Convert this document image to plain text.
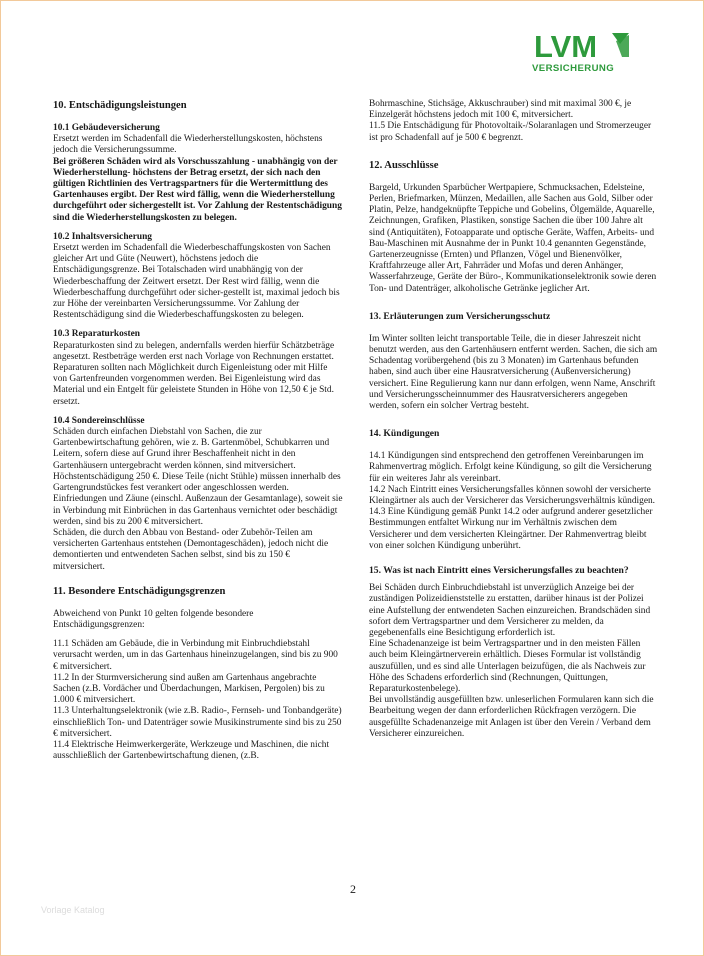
LVM
VERSICHERUNG
10. Entschädigungsleistungen
10.1 Gebäudeversicherung
Ersetzt werden im Schadenfall die Wiederherstellungskosten, höchstens jedoch die Versicherungssumme.
Bei größeren Schäden wird als Vorschusszahlung - unabhängig von der Wiederherstellung- höchstens der Betrag ersetzt, der sich nach den gültigen Richtlinien des Vertragspartners für die Wertermittlung des Gartenhauses ergibt. Der Rest wird fällig, wenn die Wiederherstellung durchgeführt oder sichergestellt ist. Vor Zahlung der Restentschädigung sind die Wiederherstellungskosten zu belegen.
10.2 Inhaltsversicherung
Ersetzt werden im Schadenfall die Wiederbeschaffungskosten von Sachen gleicher Art und Güte (Neuwert), höchstens jedoch die Entschädigungsgrenze. Bei Totalschaden wird unabhängig von der Wiederbeschaffung der Zeitwert ersetzt. Der Rest wird fällig, wenn die Wiederbeschaffung durchgeführt oder sicher-gestellt ist, maximal jedoch bis zur Höhe der vereinbarten Versicherungssumme. Vor Zahlung der Restentschädigung sind die Wiederbeschaffungskosten zu belegen.
10.3 Reparaturkosten
Reparaturkosten sind zu belegen, andernfalls werden hierfür Schätzbeträge angesetzt. Restbeträge werden erst nach Vorlage von Rechnungen erstattet.
Reparaturen sollten nach Möglichkeit durch Eigenleistung oder mit Hilfe von Gartenfreunden vorgenommen werden. Bei Eigenleistung wird das Material und ein Entgelt für geleistete Stunden in Höhe von 12,50 € je Std. ersetzt.
10.4 Sondereinschlüsse
Schäden durch einfachen Diebstahl von Sachen, die zur Gartenbewirtschaftung gehören, wie z. B. Gartenmöbel, Schubkarren und Leitern, sofern diese auf Grund ihrer Beschaffenheit nicht in den Gartenhäusern untergebracht werden können, sind mitversichert. Höchstentschädigung 250 €. Diese Teile (nicht Stühle) müssen innerhalb des Gartengrundstückes fest verankert oder angeschlossen werden.
Einfriedungen und Zäune (einschl. Außenzaun der Gesamtanlage), soweit sie in Verbindung mit Einbrüchen in das Gartenhaus vernichtet oder beschädigt werden, sind bis zu 200 € mitversichert.
Schäden, die durch den Abbau von Bestand- oder Zubehör-Teilen am versicherten Gartenhaus entstehen (Demontageschäden), jedoch nicht die demontierten und entwendeten Sachen selbst, sind bis zu 150 € mitversichert.
11. Besondere Entschädigungsgrenzen
Abweichend von Punkt 10 gelten folgende besondere Entschädigungsgrenzen:
11.1 Schäden am Gebäude, die in Verbindung mit Einbruchdiebstahl verursacht werden, um in das Gartenhaus hineinzugelangen, sind bis zu 900 € mitversichert.
11.2 In der Sturmversicherung sind außen am Gartenhaus angebrachte Sachen (z.B. Vordächer und Überdachungen, Markisen, Pergolen) bis zu 1.000 € mitversichert.
11.3 Unterhaltungselektronik (wie z.B. Radio-, Fernseh- und Tonbandgeräte) einschließlich Ton- und Datenträger sowie Musikinstrumente sind bis zu 250 € mitversichert.
11.4 Elektrische Heimwerkergeräte, Werkzeuge und Maschinen, die nicht ausschließlich der Gartenbewirtschaftung dienen, (z.B.
Bohrmaschine, Stichsäge, Akkuschrauber) sind mit maximal 300 €, je Einzelgerät höchstens jedoch mit 100 €, mitversichert.
11.5 Die Entschädigung für Photovoltaik-/Solaranlagen und Stromerzeuger ist pro Schadenfall auf je 500 € begrenzt.
12. Ausschlüsse
Bargeld, Urkunden Sparbücher Wertpapiere, Schmucksachen, Edelsteine, Perlen, Briefmarken, Münzen, Medaillen, alle Sachen aus Gold, Silber oder Platin, Pelze, handgeknüpfte Teppiche und Gobelins, Ölgemälde, Aquarelle, Zeichnungen, Grafiken, Plastiken, sonstige Sachen die über 100 Jahre alt sind (Antiquitäten), Fotoapparate und optische Geräte, Waffen, Arbeits- und Bau-Maschinen mit Ausnahme der in Punkt 10.4 genannten Gegenstände, Gartenerzeugnisse (Ernten) und Pflanzen, Vögel und Bienenvölker, Kraftfahrzeuge aller Art, Fahrräder und Mofas und deren Anhänger, Wasserfahrzeuge, Geräte der Büro-, Kommunikationselektronik sowie deren Ton- und Datenträger, alkoholische Getränke jeglicher Art.
13. Erläuterungen zum Versicherungsschutz
Im Winter sollten leicht transportable Teile, die in dieser Jahreszeit nicht benutzt werden, aus den Gartenhäusern entfernt werden. Sachen, die sich am Schadentag vorübergehend (bis zu 3 Monaten) im Gartenhaus befunden haben, sind auch über eine Hausratversicherung (Außenversicherung) versichert. Eine Regulierung kann nur dann erfolgen, wenn Name, Anschrift und Versicherungsscheinnummer des Hausratversicherers angegeben werden, sofern ein solcher Vertrag besteht.
14. Kündigungen
14.1 Kündigungen sind entsprechend den getroffenen Vereinbarungen im Rahmenvertrag möglich. Erfolgt keine Kündigung, so gilt die Versicherung für ein weiteres Jahr als vereinbart.
14.2 Nach Eintritt eines Versicherungsfalles können sowohl der versicherte Kleingärtner als auch der Versicherer das Versicherungsverhältnis kündigen.
14.3 Eine Kündigung gemäß Punkt 14.2 oder aufgrund anderer gesetzlicher Bestimmungen entfaltet Wirkung nur im Verhältnis zwischen dem Versicherer und dem versicherten Kleingärtner. Der Rahmenvertrag bleibt von einer solchen Kündigung unberührt.
15. Was ist nach Eintritt eines Versicherungsfalles zu beachten?
Bei Schäden durch Einbruchdiebstahl ist unverzüglich Anzeige bei der zuständigen Polizeidienststelle zu erstatten, darüber hinaus ist der Polizei eine Aufstellung der entwendeten Sachen einzureichen. Brandschäden sind sofort dem Vertragspartner und dem Versicherer zu melden, da gegebenenfalls eine Besichtigung erforderlich ist.
Eine Schadenanzeige ist beim Vertragspartner und in den meisten Fällen auch beim Kleingärtnerverein erhältlich. Dieses Formular ist vollständig auszufüllen, und es sind alle Unterlagen beizufügen, die als Nachweis zur Höhe des Schadens erforderlich sind (Rechnungen, Quittungen, Reparaturkostenbelege).
Bei unvollständig ausgefüllten bzw. unleserlichen Formularen kann sich die Bearbeitung wegen der dann erforderlichen Rückfragen verzögern. Die ausgefüllte Schadenanzeige mit Anlagen ist über den Verein / Verband dem Versicherer einzureichen.
2
Vorlage Katalog
